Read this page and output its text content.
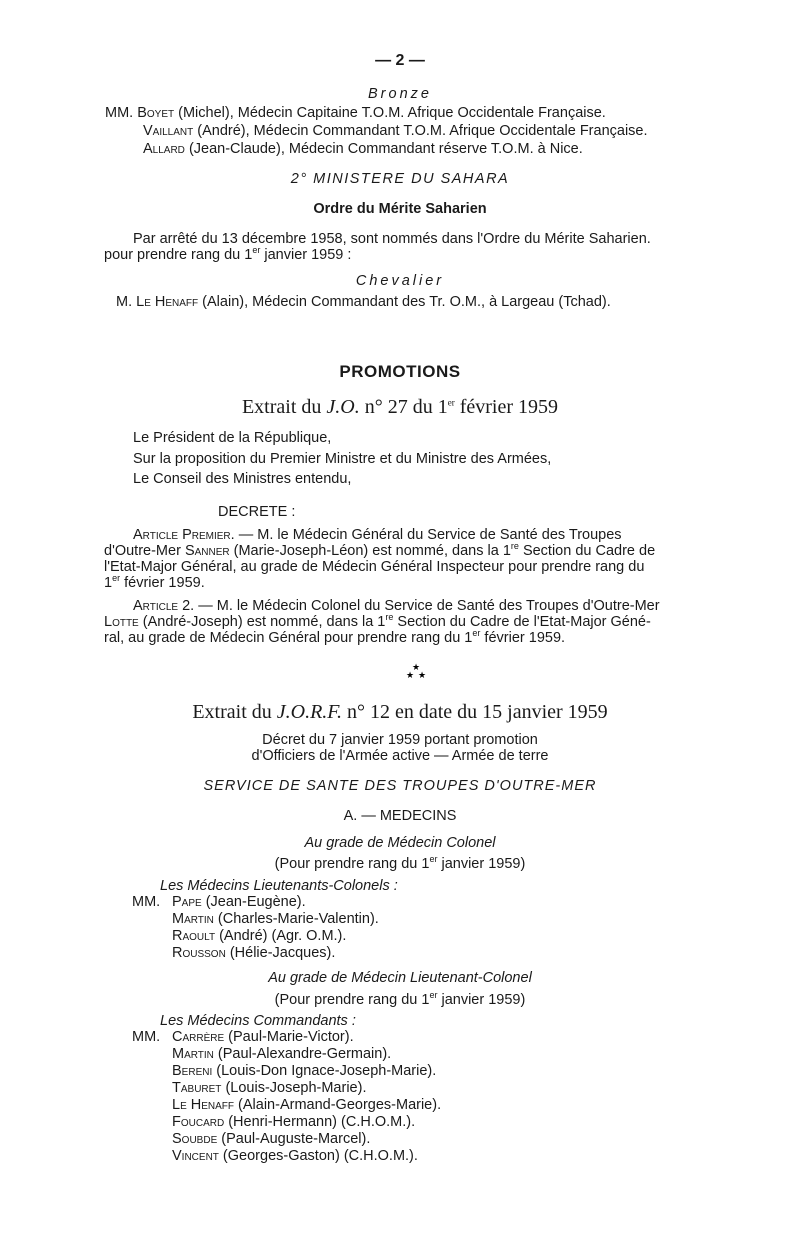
— 2 —
Bronze
MM. Boyet (Michel), Médecin Capitaine T.O.M. Afrique Occidentale Française.
Vaillant (André), Médecin Commandant T.O.M. Afrique Occidentale Française.
Allard (Jean-Claude), Médecin Commandant réserve T.O.M. à Nice.
2° MINISTERE DU SAHARA
Ordre du Mérite Saharien
Par arrêté du 13 décembre 1958, sont nommés dans l'Ordre du Mérite Saharien.
pour prendre rang du 1er janvier 1959 :
Chevalier
M. Le Henaff (Alain), Médecin Commandant des Tr. O.M., à Largeau (Tchad).
PROMOTIONS
Extrait du J.O. n° 27 du 1er février 1959
Le Président de la République,
Sur la proposition du Premier Ministre et du Ministre des Armées,
Le Conseil des Ministres entendu,
DECRETE :
Article Premier. — M. le Médecin Général du Service de Santé des Troupes
d'Outre-Mer Sanner (Marie-Joseph-Léon) est nommé, dans la 1re Section du Cadre de
l'Etat-Major Général, au grade de Médecin Général Inspecteur pour prendre rang du
1er février 1959.
Article 2. — M. le Médecin Colonel du Service de Santé des Troupes d'Outre-Mer
Lotte (André-Joseph) est nommé, dans la 1re Section du Cadre de l'Etat-Major Géné-
ral, au grade de Médecin Général pour prendre rang du 1er février 1959.
★
★ ★
Extrait du J.O.R.F. n° 12 en date du 15 janvier 1959
Décret du 7 janvier 1959 portant promotion
d'Officiers de l'Armée active — Armée de terre
SERVICE DE SANTE DES TROUPES D'OUTRE-MER
A. — MEDECINS
Au grade de Médecin Colonel
(Pour prendre rang du 1er janvier 1959)
Les Médecins Lieutenants-Colonels :
MM. Pape (Jean-Eugène).
Martin (Charles-Marie-Valentin).
Raoult (André) (Agr. O.M.).
Rousson (Hélie-Jacques).
Au grade de Médecin Lieutenant-Colonel
(Pour prendre rang du 1er janvier 1959)
Les Médecins Commandants :
MM. Carrère (Paul-Marie-Victor).
Martin (Paul-Alexandre-Germain).
Bereni (Louis-Don Ignace-Joseph-Marie).
Taburet (Louis-Joseph-Marie).
Le Henaff (Alain-Armand-Georges-Marie).
Foucard (Henri-Hermann) (C.H.O.M.).
Soubde (Paul-Auguste-Marcel).
Vincent (Georges-Gaston) (C.H.O.M.).
